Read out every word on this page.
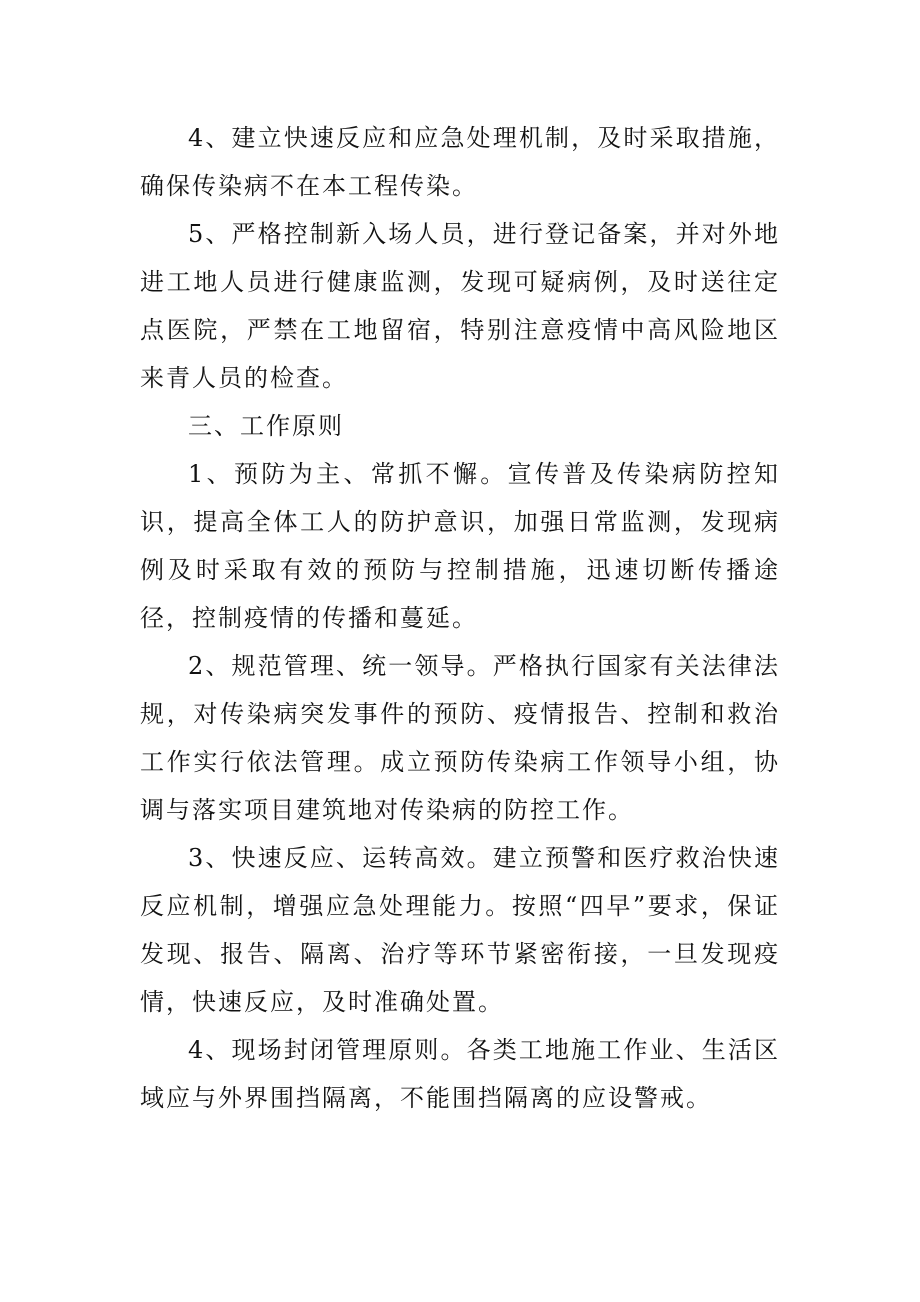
4、建立快速反应和应急处理机制，及时采取措施，确保传染病不在本工程传染。

5、严格控制新入场人员，进行登记备案，并对外地进工地人员进行健康监测，发现可疑病例，及时送往定点医院，严禁在工地留宿，特别注意疫情中高风险地区来青人员的检查。

三、工作原则

1、预防为主、常抓不懈。宣传普及传染病防控知识，提高全体工人的防护意识，加强日常监测，发现病例及时采取有效的预防与控制措施，迅速切断传播途径，控制疫情的传播和蔓延。

2、规范管理、统一领导。严格执行国家有关法律法规，对传染病突发事件的预防、疫情报告、控制和救治工作实行依法管理。成立预防传染病工作领导小组，协调与落实项目建筑地对传染病的防控工作。

3、快速反应、运转高效。建立预警和医疗救治快速反应机制，增强应急处理能力。按照“四早”要求，保证发现、报告、隔离、治疗等环节紧密衔接，一旦发现疫情，快速反应，及时准确处置。

4、现场封闭管理原则。各类工地施工作业、生活区域应与外界围挡隔离，不能围挡隔离的应设警戒。
